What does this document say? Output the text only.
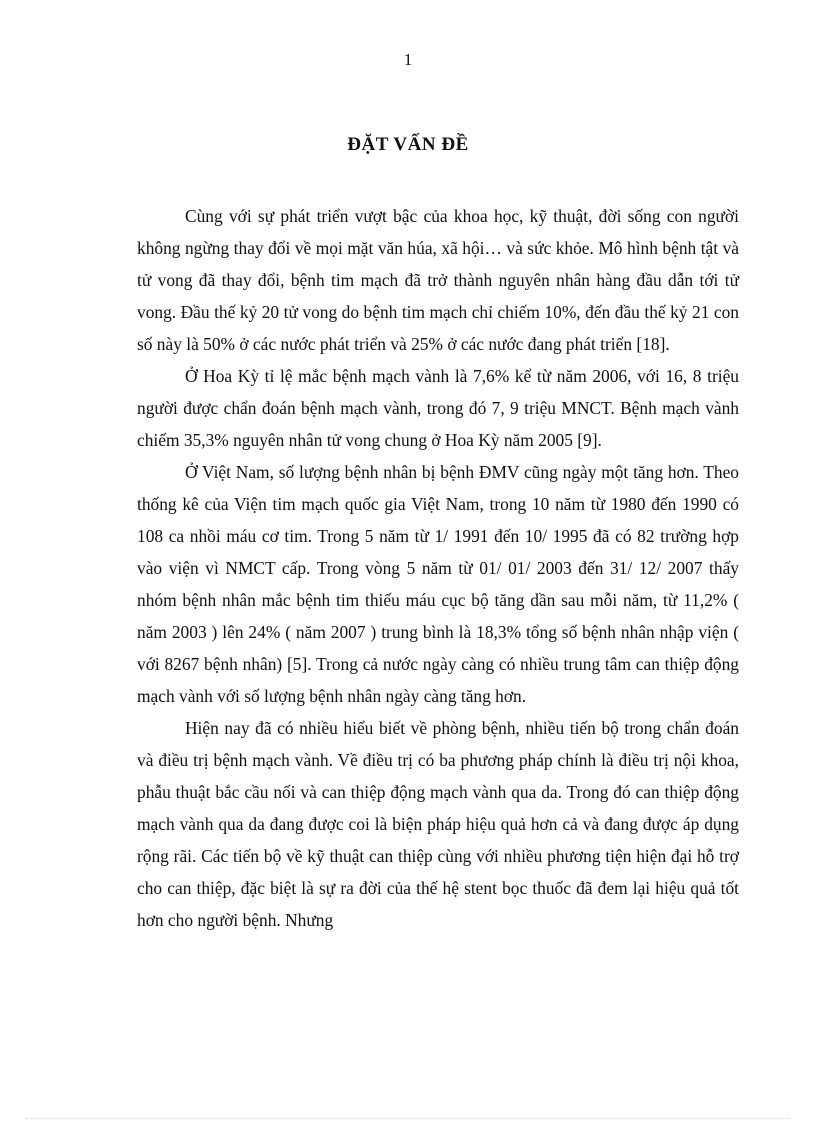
1
ĐẶT VẤN ĐỀ

Cùng với sự phát triển vượt bậc của khoa học, kỹ thuật, đời sống con người không ngừng thay đổi về mọi mặt văn húa, xã hội… và sức khỏe. Mô hình bệnh tật và tử vong đã thay đổi, bệnh tim mạch đã trở thành nguyên nhân hàng đầu dẫn tới tử vong. Đầu thế kỷ 20 tử vong do bệnh tim mạch chỉ chiếm 10%, đến đầu thế kỷ 21 con số này là 50% ở các nước phát triển và 25% ở các nước đang phát triển [18].

Ở Hoa Kỳ tỉ lệ mắc bệnh mạch vành là 7,6% kể từ năm 2006, với 16, 8 triệu người được chẩn đoán bệnh mạch vành, trong đó 7, 9 triệu MNCT. Bệnh mạch vành chiếm 35,3% nguyên nhân tử vong chung ở Hoa Kỳ năm 2005 [9].

Ở Việt Nam, số lượng bệnh nhân bị bệnh ĐMV cũng ngày một tăng hơn. Theo thống kê của Viện tim mạch quốc gia Việt Nam, trong 10 năm từ 1980 đến 1990 có 108 ca nhồi máu cơ tim. Trong 5 năm từ 1/ 1991 đến 10/ 1995 đã có 82 trường hợp vào viện vì NMCT cấp. Trong vòng 5 năm từ 01/ 01/ 2003 đến 31/ 12/ 2007 thấy nhóm bệnh nhân mắc bệnh tim thiếu máu cục bộ tăng dần sau mỗi năm, từ 11,2% ( năm 2003 ) lên 24% ( năm 2007 ) trung bình là 18,3% tổng số bệnh nhân nhập viện ( với 8267 bệnh nhân) [5]. Trong cả nước ngày càng có nhiều trung tâm can thiệp động mạch vành với số lượng bệnh nhân ngày càng tăng hơn.

Hiện nay đã có nhiều hiểu biết về phòng bệnh, nhiều tiến bộ trong chẩn đoán và điều trị bệnh mạch vành. Về điều trị có ba phương pháp chính là điều trị nội khoa, phẫu thuật bắc cầu nối và can thiệp động mạch vành qua da. Trong đó can thiệp động mạch vành qua da đang được coi là biện pháp hiệu quả hơn cả và đang được áp dụng rộng rãi. Các tiến bộ về kỹ thuật can thiệp cùng với nhiều phương tiện hiện đại hỗ trợ cho can thiệp, đặc biệt là sự ra đời của thế hệ stent bọc thuốc đã đem lại hiệu quả tốt hơn cho người bệnh. Nhưng
